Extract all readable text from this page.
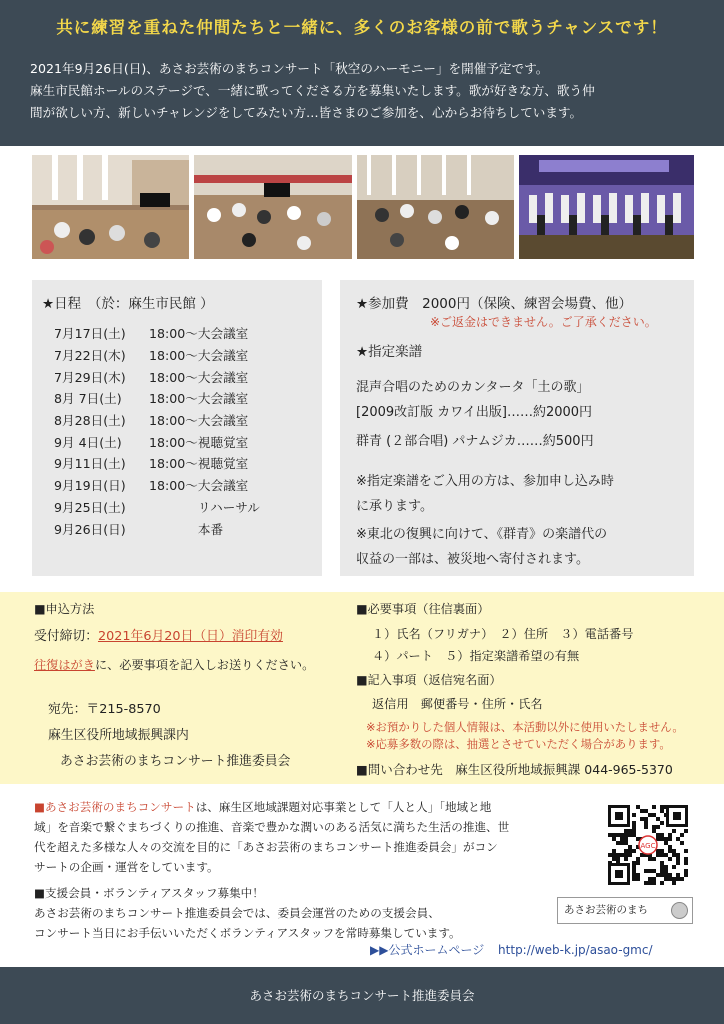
共に練習を重ねた仲間たちと一緒に、多くのお客様の前で歌うチャンスです！
2021年9月26日(日)、あさお芸術のまちコンサート「秋空のハーモニー」を開催予定です。
麻生市民館ホールのステージで、一緒に歌ってくださる方を募集いたします。歌が好きな方、歌う仲
間が欲しい方、新しいチャレンジをしてみたい方…皆さまのご参加を、心からお待ちしています。
★日程　（於：麻生市民館 ）
7月17日(土)	18:00〜	大会議室
7月22日(木)	18:00〜	大会議室
7月29日(木)	18:00〜	大会議室
8月 7日(土)	18:00〜	大会議室
8月28日(土)	18:00〜	大会議室
9月 4日(土)	18:00〜	視聴覚室
9月11日(土)	18:00〜	視聴覚室
9月19日(日)	18:00〜	大会議室
9月25日(土)		リハーサル
9月26日(日)		本番
★参加費　2000円（保険、練習会場費、他）
※ご返金はできません。ご了承ください。
★指定楽譜
混声合唱のためのカンタータ「土の歌」
[2009改訂版 カワイ出版]……約2000円
群青 (２部合唱) パナムジカ……約500円
※指定楽譜をご入用の方は、参加申し込み時
に承ります。
※東北の復興に向けて、《群青》の楽譜代の
収益の一部は、被災地へ寄付されます。
■申込方法
受付締切：2021年6月20日（日）消印有効
往復はがきに、必要事項を記入しお送りください。
宛先：〒215-8570
麻生区役所地域振興課内
あさお芸術のまちコンサート推進委員会
■必要事項（往信裏面）
１）氏名（フリガナ）　２）住所　３）電話番号
４）パート　５）指定楽譜希望の有無
■記入事項（返信宛名面）
返信用　郵便番号・住所・氏名
※お預かりした個人情報は、本活動以外に使用いたしません。
※応募多数の際は、抽選とさせていただく場合があります。
■問い合わせ先　麻生区役所地域振興課 044-965-5370
■あさお芸術のまちコンサートは、麻生区地域課題対応事業として「人と人」「地域と地
域」を音楽で繋ぐまちづくりの推進、音楽で豊かな潤いのある活気に満ちた生活の推進、世
代を超えた多様な人々の交流を目的に「あさお芸術のまちコンサート推進委員会」がコン
サートの企画・運営をしています。
■支援会員・ボランティアスタッフ募集中！
あさお芸術のまちコンサート推進委員会では、委員会運営のための支援会員、
コンサート当日にお手伝いいただくボランティアスタッフを常時募集しています。
▶▶公式ホームページ http://web-k.jp/asao-gmc/
AGC
あさお芸術のまち
あさお芸術のまちコンサート推進委員会
